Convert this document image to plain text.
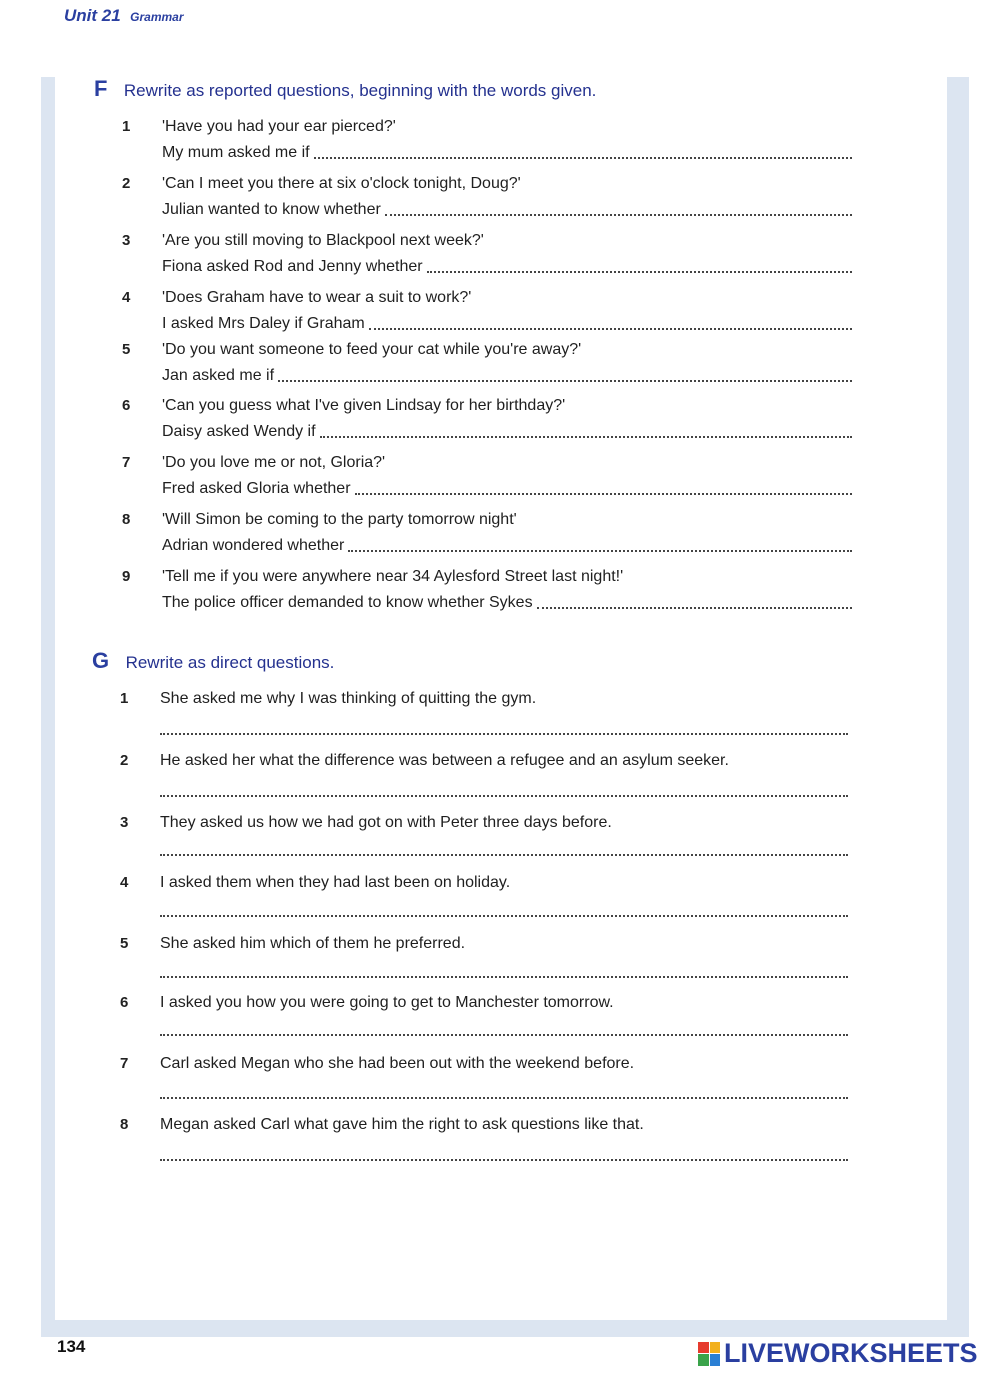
Unit 21 Grammar
F Rewrite as reported questions, beginning with the words given.
1 'Have you had your ear pierced?'
My mum asked me if
2 'Can I meet you there at six o'clock tonight, Doug?'
Julian wanted to know whether
3 'Are you still moving to Blackpool next week?'
Fiona asked Rod and Jenny whether
4 'Does Graham have to wear a suit to work?'
I asked Mrs Daley if Graham
5 'Do you want someone to feed your cat while you're away?'
Jan asked me if
6 'Can you guess what I've given Lindsay for her birthday?'
Daisy asked Wendy if
7 'Do you love me or not, Gloria?'
Fred asked Gloria whether
8 'Will Simon be coming to the party tomorrow night'
Adrian wondered whether
9 'Tell me if you were anywhere near 34 Aylesford Street last night!'
The police officer demanded to know whether Sykes
G Rewrite as direct questions.
1 She asked me why I was thinking of quitting the gym.
2 He asked her what the difference was between a refugee and an asylum seeker.
3 They asked us how we had got on with Peter three days before.
4 I asked them when they had last been on holiday.
5 She asked him which of them he preferred.
6 I asked you how you were going to get to Manchester tomorrow.
7 Carl asked Megan who she had been out with the weekend before.
8 Megan asked Carl what gave him the right to ask questions like that.
134	LIVEWORKSHEETS
